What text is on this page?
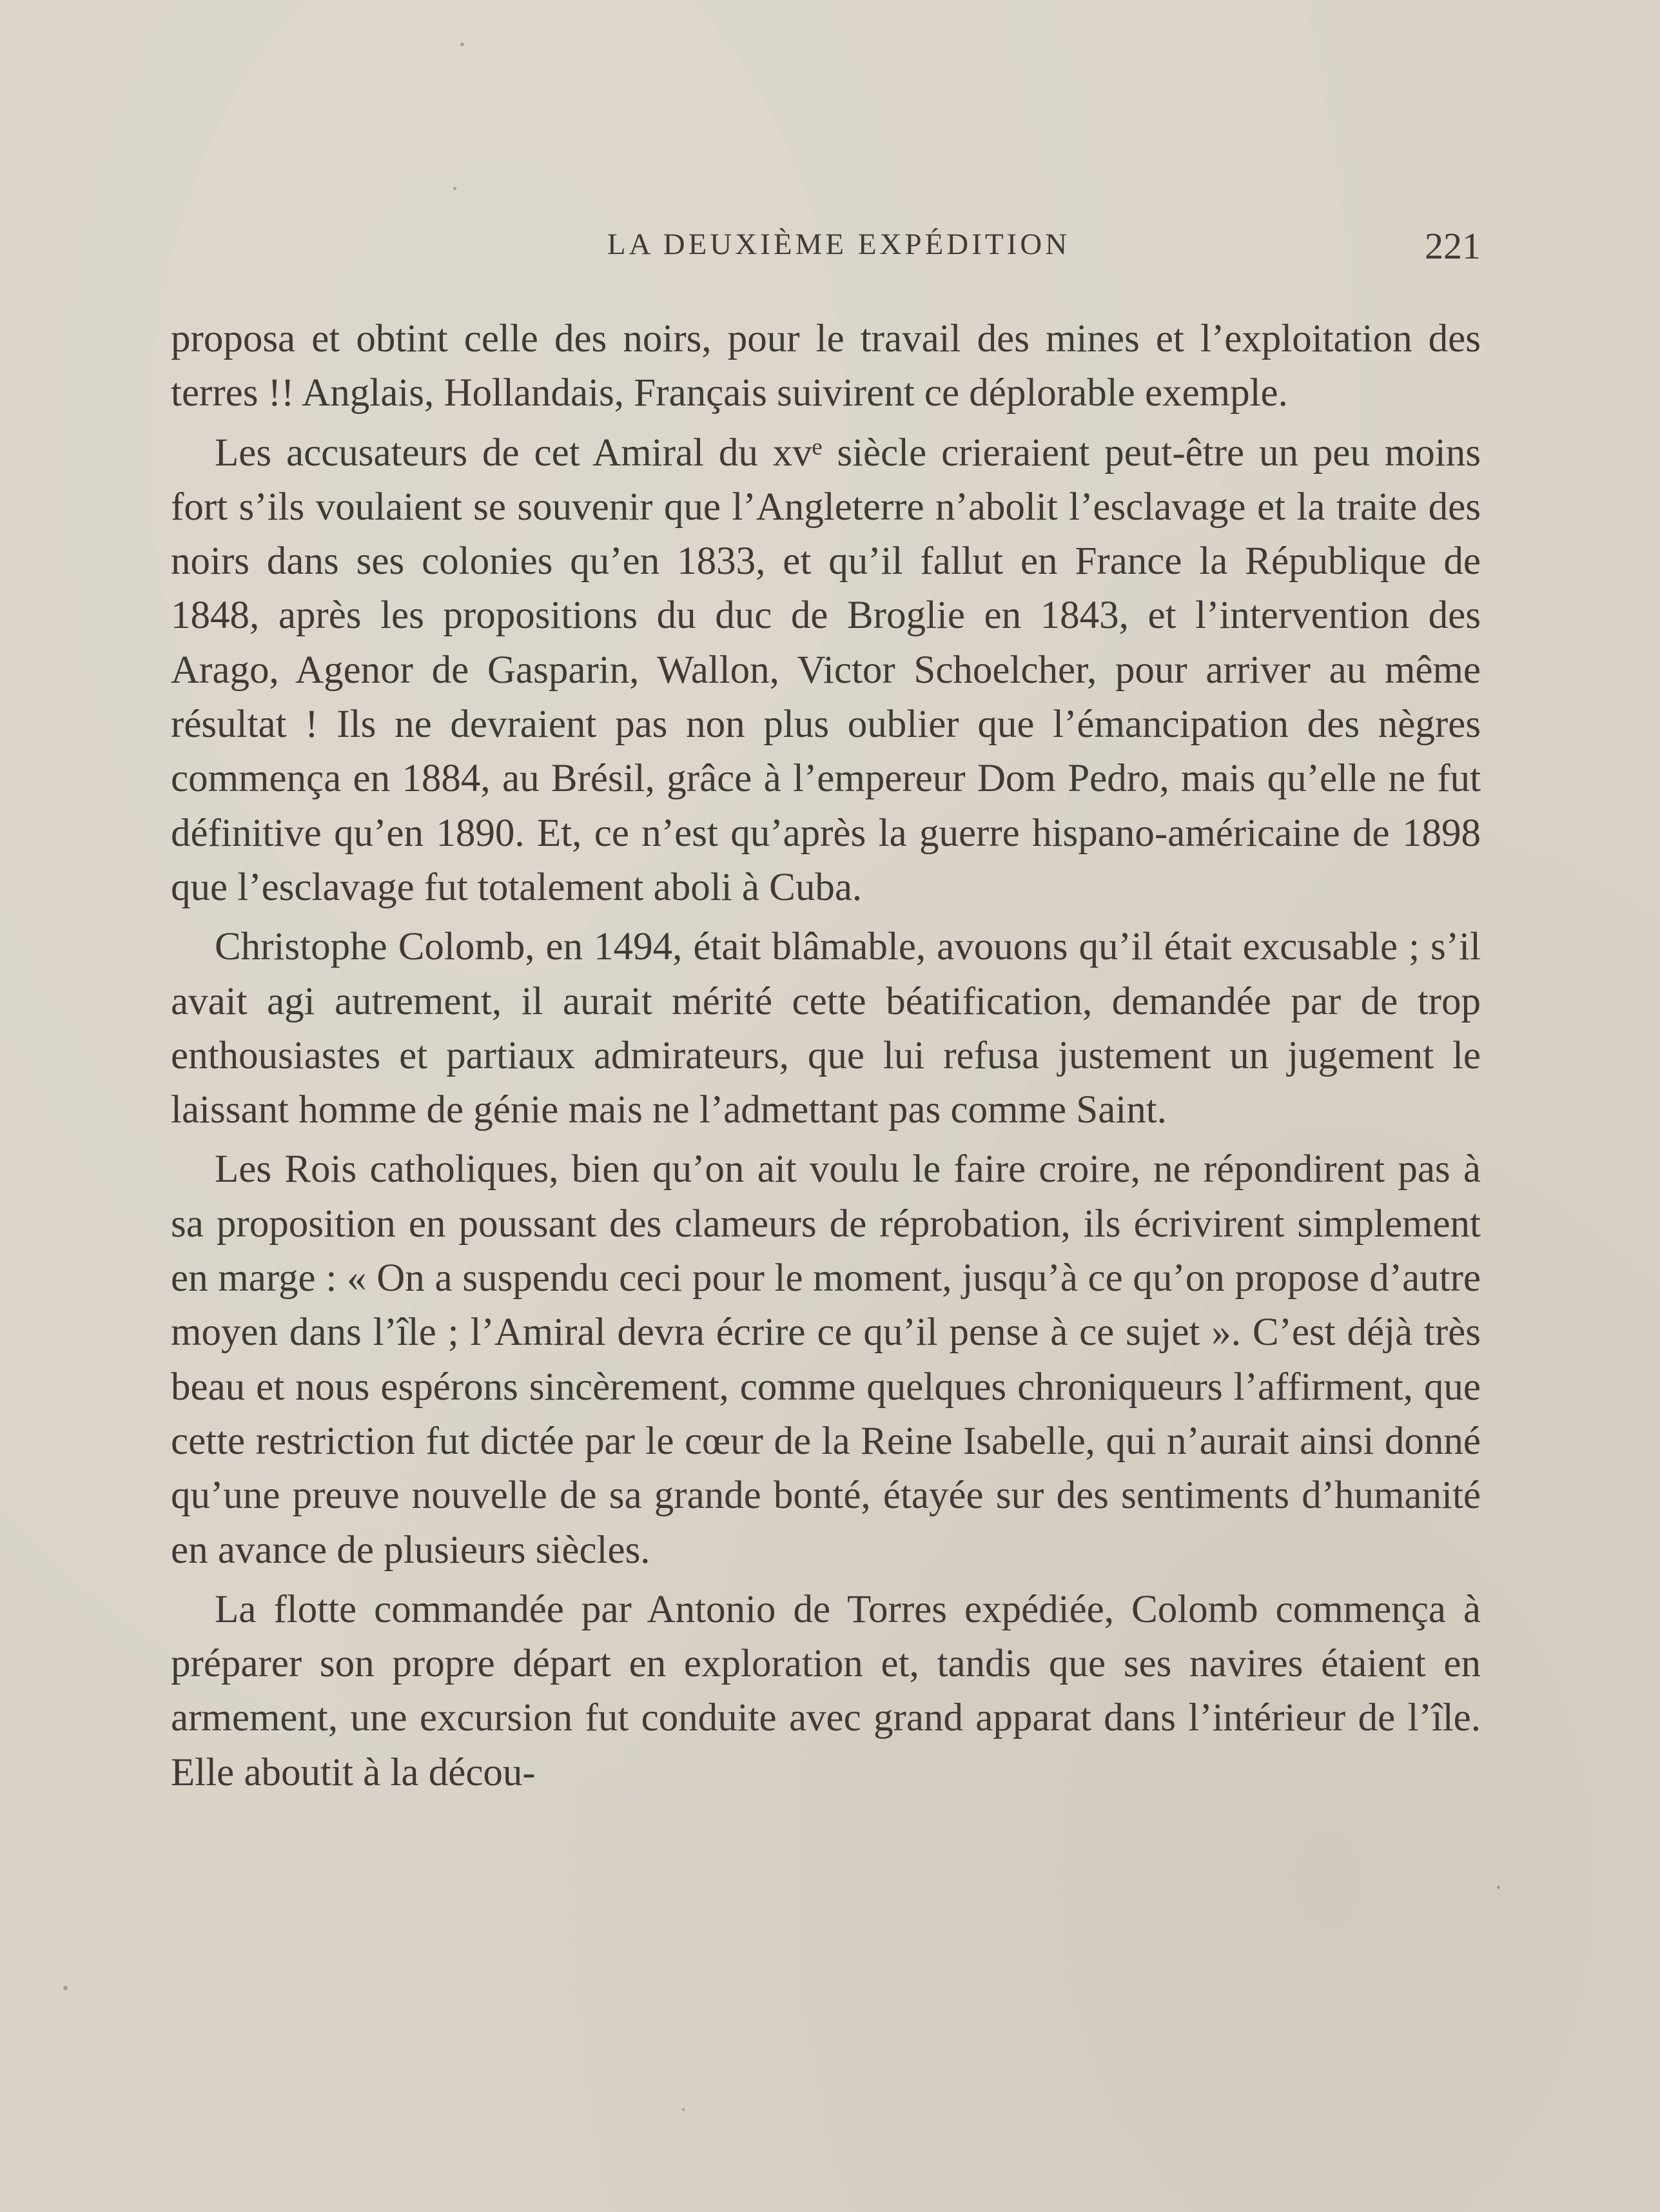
LA DEUXIÈME EXPÉDITION	221

proposa et obtint celle des noirs, pour le travail des mines et l’exploitation des terres !! Anglais, Hollandais, Français suivirent ce déplorable exemple.

Les accusateurs de cet Amiral du xvᵉ siècle crieraient peut-être un peu moins fort s’ils voulaient se souvenir que l’Angleterre n’abolit l’esclavage et la traite des noirs dans ses colonies qu’en 1833, et qu’il fallut en France la République de 1848, après les propositions du duc de Broglie en 1843, et l’intervention des Arago, Agenor de Gasparin, Wallon, Victor Schoelcher, pour arriver au même résultat ! Ils ne devraient pas non plus oublier que l’émancipation des nègres commença en 1884, au Brésil, grâce à l’empereur Dom Pedro, mais qu’elle ne fut définitive qu’en 1890. Et, ce n’est qu’après la guerre hispano-américaine de 1898 que l’esclavage fut totalement aboli à Cuba.

Christophe Colomb, en 1494, était blâmable, avouons qu’il était excusable ; s’il avait agi autrement, il aurait mérité cette béatification, demandée par de trop enthousiastes et partiaux admirateurs, que lui refusa justement un jugement le laissant homme de génie mais ne l’admettant pas comme Saint.

Les Rois catholiques, bien qu’on ait voulu le faire croire, ne répondirent pas à sa proposition en poussant des clameurs de réprobation, ils écrivirent simplement en marge : « On a suspendu ceci pour le moment, jusqu’à ce qu’on propose d’autre moyen dans l’île ; l’Amiral devra écrire ce qu’il pense à ce sujet ». C’est déjà très beau et nous espérons sincèrement, comme quelques chroniqueurs l’affirment, que cette restriction fut dictée par le cœur de la Reine Isabelle, qui n’aurait ainsi donné qu’une preuve nouvelle de sa grande bonté, étayée sur des sentiments d’humanité en avance de plusieurs siècles.

La flotte commandée par Antonio de Torres expédiée, Colomb commença à préparer son propre départ en exploration et, tandis que ses navires étaient en armement, une excursion fut conduite avec grand apparat dans l’intérieur de l’île. Elle aboutit à la décou-
